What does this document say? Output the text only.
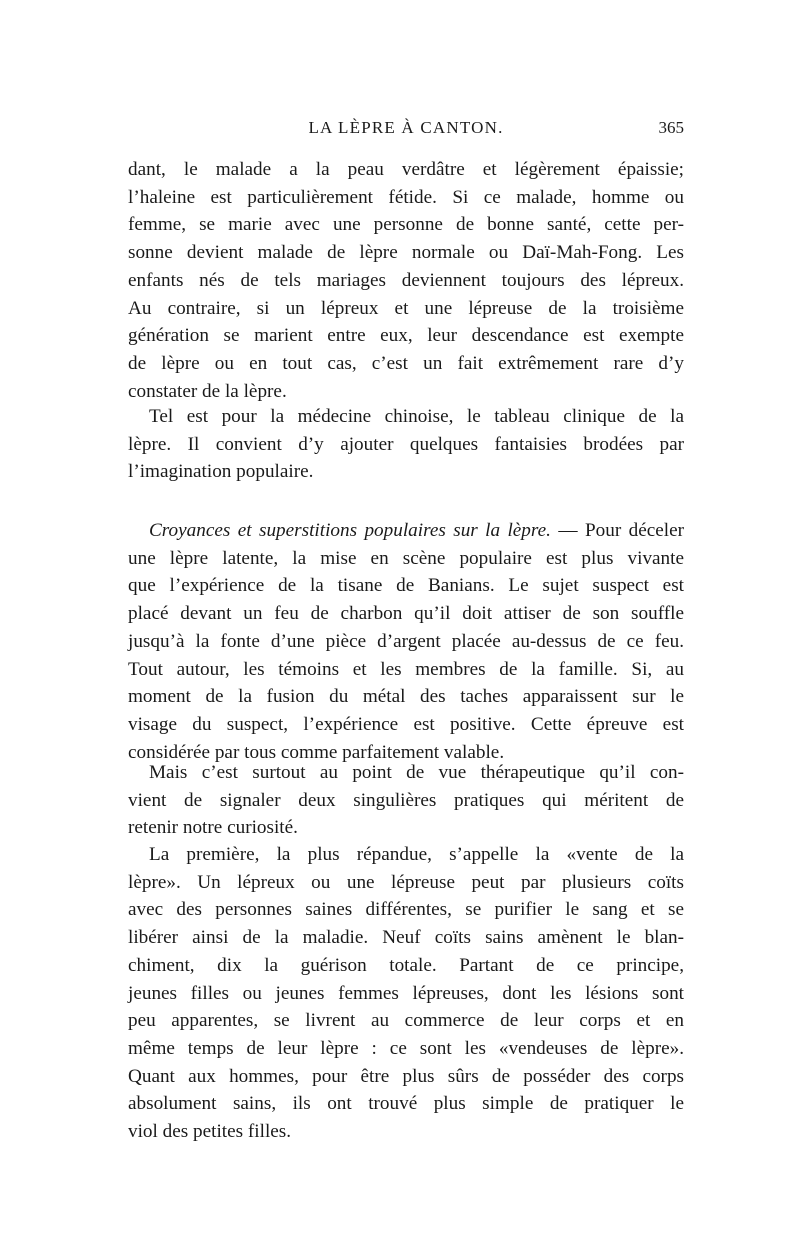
LA LÈPRE À CANTON.	365
dant, le malade a la peau verdâtre et légèrement épaissie;
l’haleine est particulièrement fétide. Si ce malade, homme ou
femme, se marie avec une personne de bonne santé, cette per-
sonne devient malade de lèpre normale ou Daï-Mah-Fong. Les
enfants nés de tels mariages deviennent toujours des lépreux.
Au contraire, si un lépreux et une lépreuse de la troisième
génération se marient entre eux, leur descendance est exempte
de lèpre ou en tout cas, c’est un fait extrêmement rare d’y
constater de la lèpre.
Tel est pour la médecine chinoise, le tableau clinique de la
lèpre. Il convient d’y ajouter quelques fantaisies brodées par
l’imagination populaire.
Croyances et superstitions populaires sur la lèpre. — Pour déceler
une lèpre latente, la mise en scène populaire est plus vivante
que l’expérience de la tisane de Banians. Le sujet suspect est
placé devant un feu de charbon qu’il doit attiser de son souffle
jusqu’à la fonte d’une pièce d’argent placée au-dessus de ce feu.
Tout autour, les témoins et les membres de la famille. Si, au
moment de la fusion du métal des taches apparaissent sur le
visage du suspect, l’expérience est positive. Cette épreuve est
considérée par tous comme parfaitement valable.
Mais c’est surtout au point de vue thérapeutique qu’il con-
vient de signaler deux singulières pratiques qui méritent de
retenir notre curiosité.
La première, la plus répandue, s’appelle la «vente de la
lèpre». Un lépreux ou une lépreuse peut par plusieurs coïts
avec des personnes saines différentes, se purifier le sang et se
libérer ainsi de la maladie. Neuf coïts sains amènent le blan-
chiment, dix la guérison totale. Partant de ce principe,
jeunes filles ou jeunes femmes lépreuses, dont les lésions sont
peu apparentes, se livrent au commerce de leur corps et en
même temps de leur lèpre : ce sont les «vendeuses de lèpre».
Quant aux hommes, pour être plus sûrs de posséder des corps
absolument sains, ils ont trouvé plus simple de pratiquer le
viol des petites filles.
